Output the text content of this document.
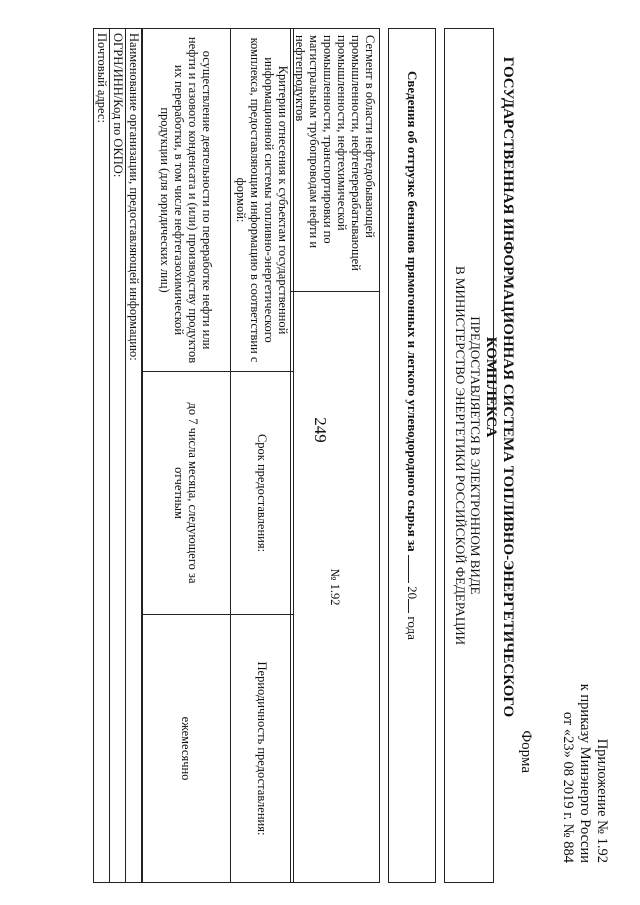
249
Приложение № 1.92
к приказу Минэнерго России
от «23» 08 2019 г. № 884
Форма
ГОСУДАРСТВЕННАЯ ИНФОРМАЦИОННАЯ СИСТЕМА ТОПЛИВНО-ЭНЕРГЕТИЧЕСКОГО КОМПЛЕКСА
ПРЕДОСТАВЛЯЕТСЯ В ЭЛЕКТРОННОМ ВИДЕ
В МИНИСТЕРСТВО ЭНЕРГЕТИКИ РОССИЙСКОЙ ФЕДЕРАЦИИ
Сведения об отгрузке бензинов прямогонных и легкого углеводородного сырья за  20 года
Сегмент в области нефтедобывающей промышленности, нефтеперерабатывающей промышленности, нефтехимической промышленности, транспортировки по магистральным трубопроводам нефти и нефтепродуктов	№ 1.92
Критерии отнесения к субъектам государственной информационной системы топливно-энергетического комплекса, предоставляющим информацию в соответствии с формой:	Срок предоставления:	Периодичность предоставления:
осуществление деятельности по переработке нефти или нефти и газового конденсата и (или) производству продуктов их переработки, в том числе нефтегазохимической продукции (для юридических лиц)	до 7 числа месяца, следующего за отчетным	ежемесячно
Наименование организации, предоставляющей информацию:
ОГРН/ИНН/Код по ОКПО:
Почтовый адрес:
